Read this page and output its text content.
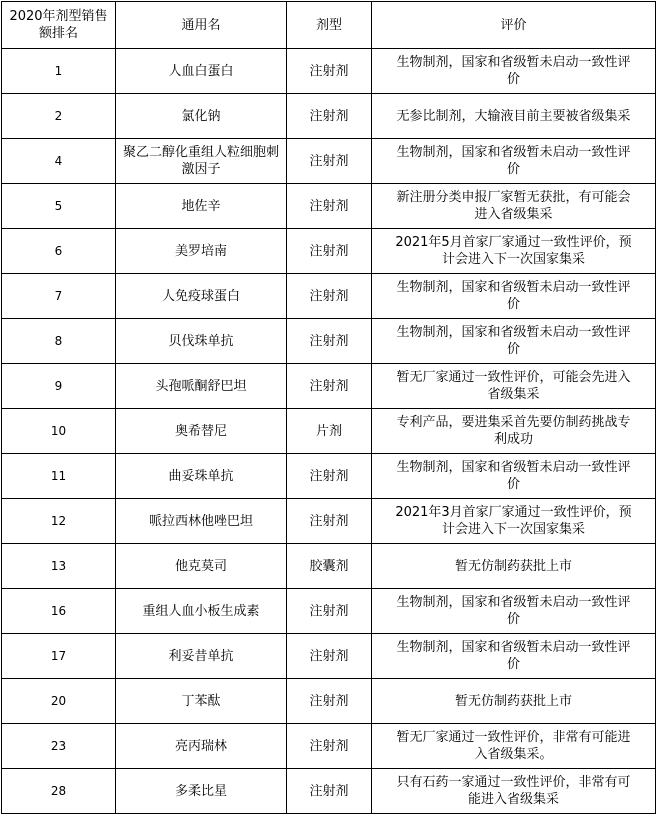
2020年剂型销售额排名	通用名	剂型	评价
1	人血白蛋白	注射剂	生物制剂，国家和省级暂未启动一致性评价

2	氯化钠	注射剂	无参比制剂，大输液目前主要被省级集采

4	聚乙二醇化重组人粒细胞刺激因子	注射剂	生物制剂，国家和省级暂未启动一致性评价

5	地佐辛	注射剂	新注册分类申报厂家暂无获批，有可能会进入省级集采

6	美罗培南	注射剂	2021年5月首家厂家通过一致性评价，预计会进入下一次国家集采

7	人免疫球蛋白	注射剂	生物制剂，国家和省级暂未启动一致性评价

8	贝伐珠单抗	注射剂	生物制剂，国家和省级暂未启动一致性评价

9	头孢哌酮舒巴坦	注射剂	暂无厂家通过一致性评价，可能会先进入省级集采

10	奥希替尼	片剂	专利产品，要进集采首先要仿制药挑战专利成功

11	曲妥珠单抗	注射剂	生物制剂，国家和省级暂未启动一致性评价

12	哌拉西林他唑巴坦	注射剂	2021年3月首家厂家通过一致性评价，预计会进入下一次国家集采

13	他克莫司	胶囊剂	暂无仿制药获批上市

16	重组人血小板生成素	注射剂	生物制剂，国家和省级暂未启动一致性评价

17	利妥昔单抗	注射剂	生物制剂，国家和省级暂未启动一致性评价

20	丁苯酞	注射剂	暂无仿制药获批上市

23	亮丙瑞林	注射剂	暂无厂家通过一致性评价，非常有可能进入省级集采。

28	多柔比星	注射剂	只有石药一家通过一致性评价，非常有可能进入省级集采
